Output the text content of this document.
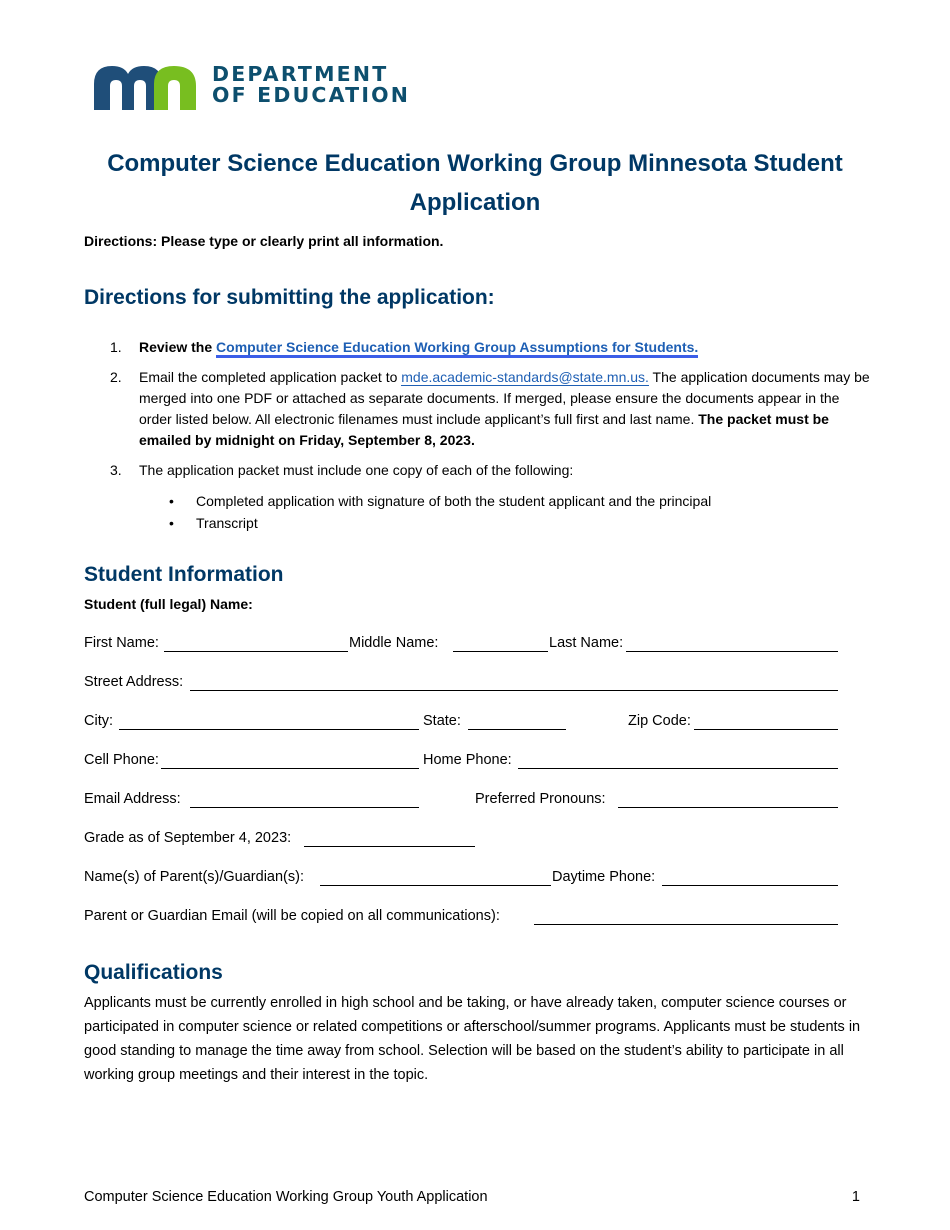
DEPARTMENT
OF EDUCATION
Computer Science Education Working Group Minnesota Student Application
Directions: Please type or clearly print all information.
Directions for submitting the application:
1. Review the Computer Science Education Working Group Assumptions for Students.
2. Email the completed application packet to mde.academic-standards@state.mn.us. The application documents may be merged into one PDF or attached as separate documents. If merged, please ensure the documents appear in the order listed below. All electronic filenames must include applicant’s full first and last name. The packet must be emailed by midnight on Friday, September 8, 2023.
3. The application packet must include one copy of each of the following:
• Completed application with signature of both the student applicant and the principal
• Transcript
Student Information
Student (full legal) Name:
First Name:	Middle Name:	Last Name:
Street Address:
City:	State:	Zip Code:
Cell Phone:	Home Phone:
Email Address:	Preferred Pronouns:
Grade as of September 4, 2023:
Name(s) of Parent(s)/Guardian(s):	Daytime Phone:
Parent or Guardian Email (will be copied on all communications):
Qualifications

Applicants must be currently enrolled in high school and be taking, or have already taken, computer science courses or participated in computer science or related competitions or afterschool/summer programs. Applicants must be students in good standing to manage the time away from school. Selection will be based on the student’s ability to participate in all working group meetings and their interest in the topic.

Computer Science Education Working Group Youth Application	1
